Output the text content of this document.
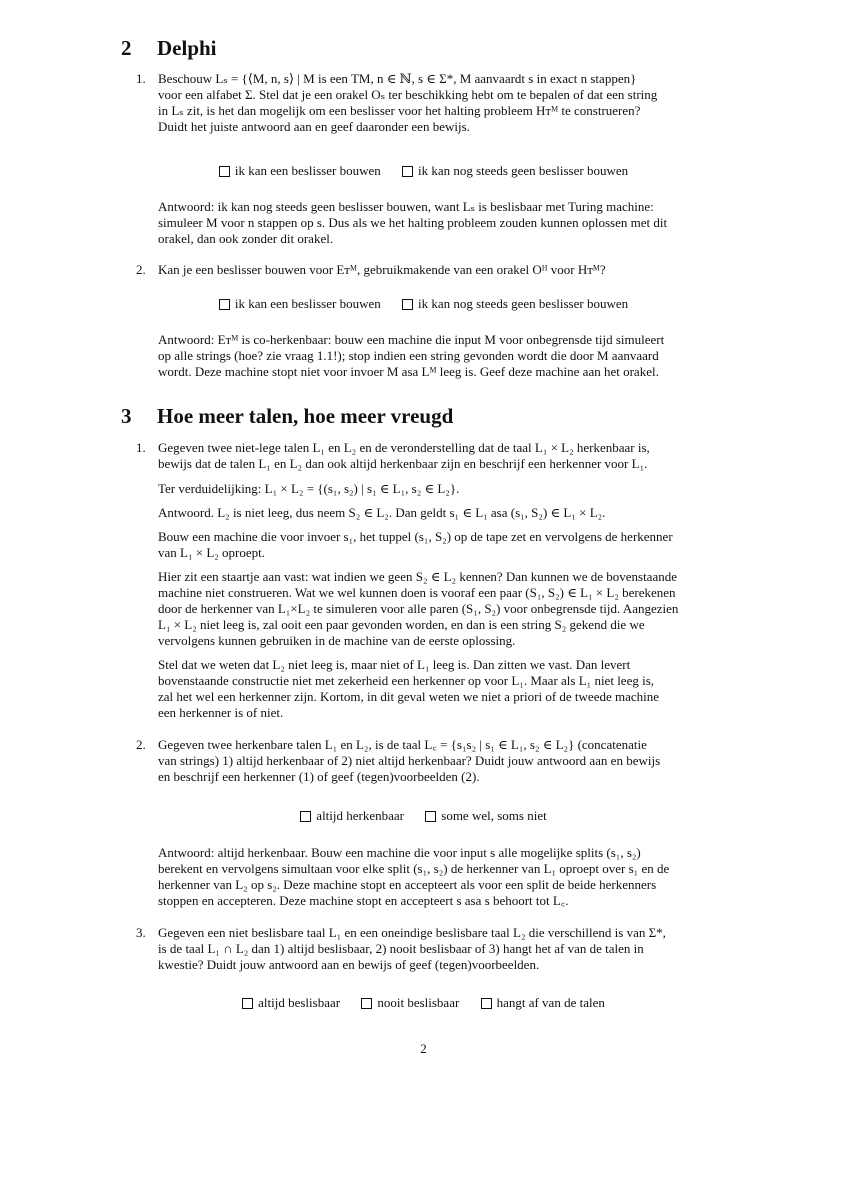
2 Delphi
1. Beschouw Lₛ = {⟨M, n, s⟩ | M is een TM, n ∈ ℕ, s ∈ Σ*, M aanvaardt s in exact n stappen}

voor een alfabet Σ. Stel dat je een orakel Oₛ ter beschikking hebt om te bepalen of dat een string

in Lₛ zit, is het dan mogelijk om een beslisser voor het halting probleem Hᴛᴹ te construeren?

Duidt het juiste antwoord aan en geef daaronder een bewijs.

ik kan een beslisser bouwen
	ik kan nog steeds geen beslisser bouwen

Antwoord: ik kan nog steeds geen beslisser bouwen, want Lₛ is beslisbaar met Turing machine:

simuleer M voor n stappen op s. Dus als we het halting probleem zouden kunnen oplossen met dit

orakel, dan ook zonder dit orakel.

2. Kan je een beslisser bouwen voor Eᴛᴹ, gebruikmakende van een orakel Oᴴ voor Hᴛᴹ?

ik kan een beslisser bouwen
	ik kan nog steeds geen beslisser bouwen

Antwoord: Eᴛᴹ is co-herkenbaar: bouw een machine die input M voor onbegrensde tijd simuleert

op alle strings (hoe? zie vraag 1.1!); stop indien een string gevonden wordt die door M aanvaard

wordt. Deze machine stopt niet voor invoer M asa Lᴹ leeg is. Geef deze machine aan het orakel.

3 Hoe meer talen, hoe meer vreugd
1. Gegeven twee niet-lege talen L₁ en L₂ en de veronderstelling dat de taal L₁ × L₂ herkenbaar is,

bewijs dat de talen L₁ en L₂ dan ook altijd herkenbaar zijn en beschrijf een herkenner voor L₁.

Ter verduidelijking: L₁ × L₂ = {(s₁, s₂) | s₁ ∈ L₁, s₂ ∈ L₂}.

Antwoord. L₂ is niet leeg, dus neem S₂ ∈ L₂. Dan geldt s₁ ∈ L₁ asa (s₁, S₂) ∈ L₁ × L₂.

Bouw een machine die voor invoer s₁, het tuppel (s₁, S₂) op de tape zet en vervolgens de herkenner

van L₁ × L₂ oproept.

Hier zit een staartje aan vast: wat indien we geen S₂ ∈ L₂ kennen? Dan kunnen we de bovenstaande

machine niet construeren. Wat we wel kunnen doen is vooraf een paar (S₁, S₂) ∈ L₁ × L₂ berekenen

door de herkenner van L₁×L₂ te simuleren voor alle paren (S₁, S₂) voor onbegrensde tijd. Aangezien

L₁ × L₂ niet leeg is, zal ooit een paar gevonden worden, en dan is een string S₂ gekend die we

vervolgens kunnen gebruiken in de machine van de eerste oplossing.

Stel dat we weten dat L₂ niet leeg is, maar niet of L₁ leeg is. Dan zitten we vast. Dan levert

bovenstaande constructie niet met zekerheid een herkenner op voor L₁. Maar als L₁ niet leeg is,

zal het wel een herkenner zijn. Kortom, in dit geval weten we niet a priori of de tweede machine

een herkenner is of niet.

2. Gegeven twee herkenbare talen L₁ en L₂, is de taal L꜀ = {s₁s₂ | s₁ ∈ L₁, s₂ ∈ L₂} (concatenatie

van strings) 1) altijd herkenbaar of 2) niet altijd herkenbaar? Duidt jouw antwoord aan en bewijs

en beschrijf een herkenner (1) of geef (tegen)voorbeelden (2).

altijd herkenbaar
	some wel, soms niet

Antwoord: altijd herkenbaar. Bouw een machine die voor input s alle mogelijke splits (s₁, s₂)

berekent en vervolgens simultaan voor elke split (s₁, s₂) de herkenner van L₁ oproept over s₁ en de

herkenner van L₂ op s₂. Deze machine stopt en accepteert als voor een split de beide herkenners

stoppen en accepteren. Deze machine stopt en accepteert s asa s behoort tot L꜀.

3. Gegeven een niet beslisbare taal L₁ en een oneindige beslisbare taal L₂ die verschillend is van Σ*,

is de taal L₁ ∩ L₂ dan 1) altijd beslisbaar, 2) nooit beslisbaar of 3) hangt het af van de talen in

kwestie? Duidt jouw antwoord aan en bewijs of geef (tegen)voorbeelden.

altijd beslisbaar
	nooit beslisbaar
	hangt af van de talen
2
